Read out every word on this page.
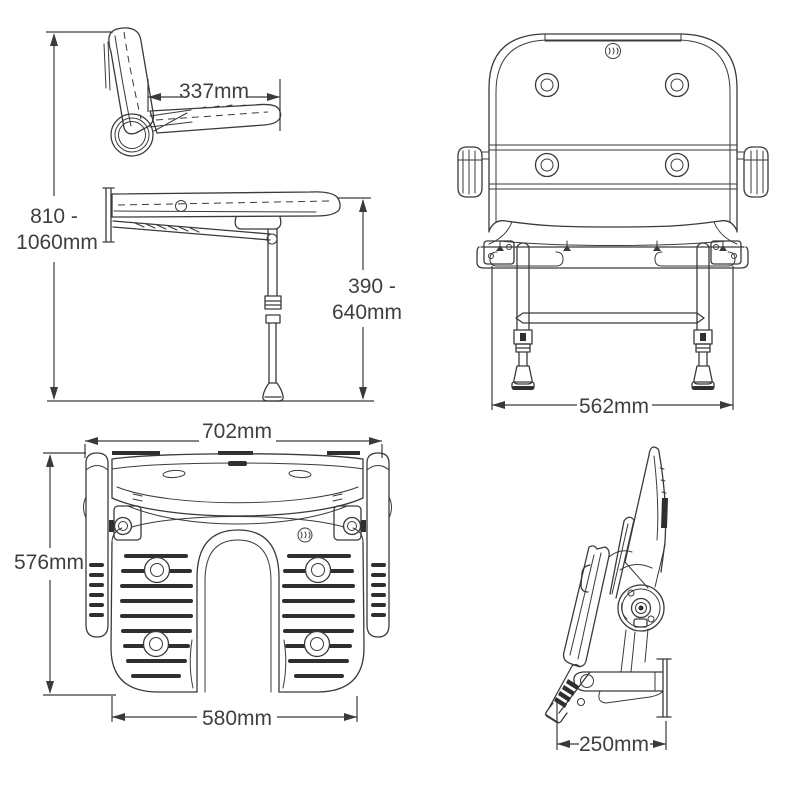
810 -
1060mm
337mm
390 -
640mm
562mm
702mm
576mm
580mm
250mm
